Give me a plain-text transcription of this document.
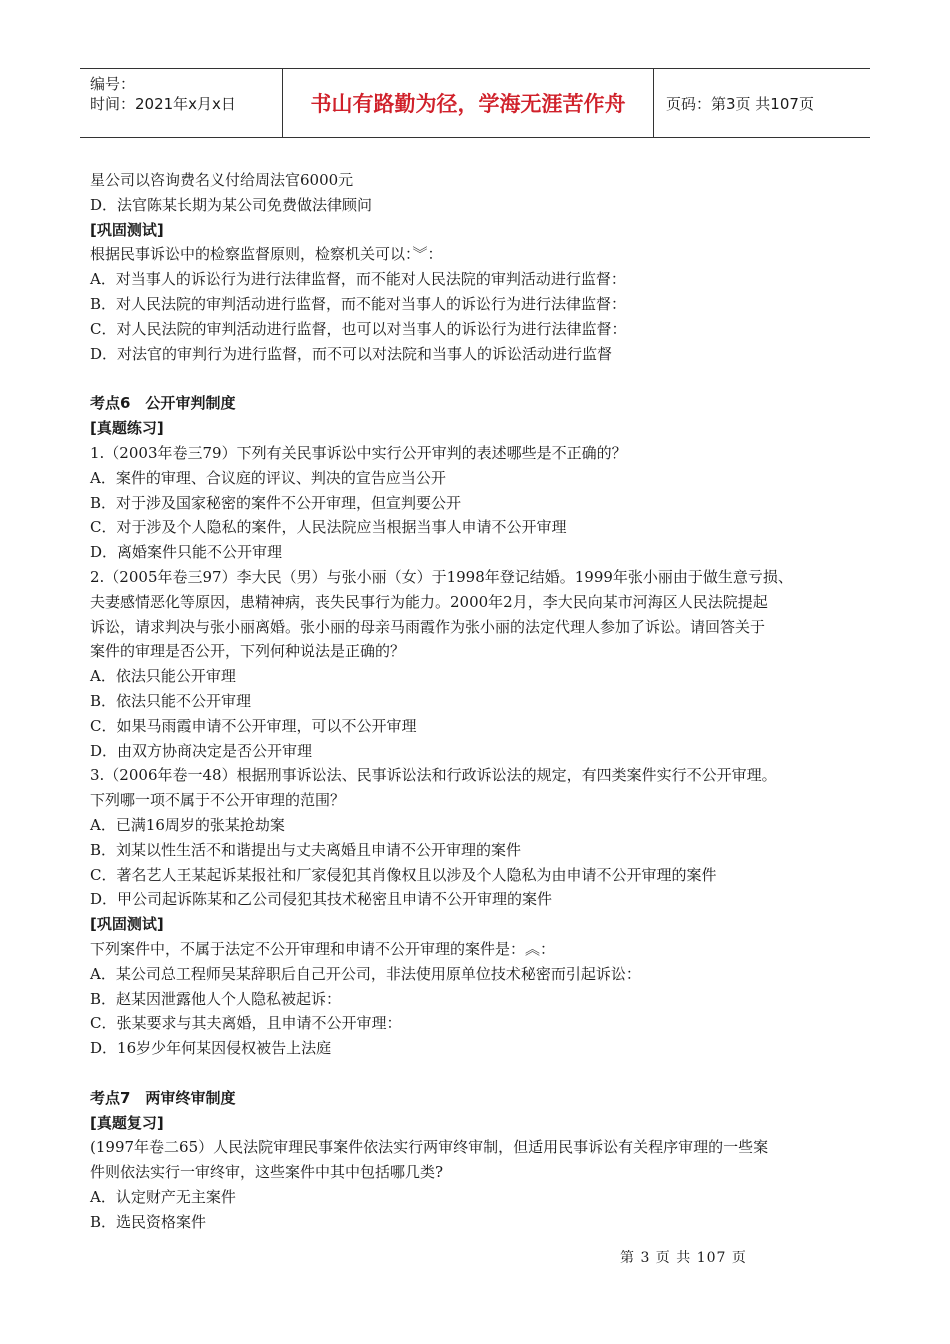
编号：
时间：2021年x月x日	书山有路勤为径，学海无涯苦作舟	页码：第3页 共107页
星公司以咨询费名义付给周法官6000元
D．法官陈某长期为某公司免费做法律顾问
[巩固测试]
根据民事诉讼中的检察监督原则，检察机关可以：︾：
A．对当事人的诉讼行为进行法律监督，而不能对人民法院的审判活动进行监督：
B．对人民法院的审判活动进行监督，而不能对当事人的诉讼行为进行法律监督：
C．对人民法院的审判活动进行监督，也可以对当事人的诉讼行为进行法律监督：
D．对法官的审判行为进行监督，而不可以对法院和当事人的诉讼活动进行监督
考点6　公开审判制度
[真题练习]
1.（2003年卷三79）下列有关民事诉讼中实行公开审判的表述哪些是不正确的？
A．案件的审理、合议庭的评议、判决的宣告应当公开
B．对于涉及国家秘密的案件不公开审理，但宣判要公开
C．对于涉及个人隐私的案件，人民法院应当根据当事人申请不公开审理
D．离婚案件只能不公开审理
2.（2005年卷三97）李大民（男）与张小丽（女）于1998年登记结婚。1999年张小丽由于做生意亏损、
夫妻感情恶化等原因，患精神病，丧失民事行为能力。2000年2月，李大民向某市河海区人民法院提起
诉讼，请求判决与张小丽离婚。张小丽的母亲马雨霞作为张小丽的法定代理人参加了诉讼。请回答关于
案件的审理是否公开，下列何种说法是正确的？
A．依法只能公开审理
B．依法只能不公开审理
C．如果马雨霞申请不公开审理，可以不公开审理
D．由双方协商决定是否公开审理
3.（2006年卷一48）根据刑事诉讼法、民事诉讼法和行政诉讼法的规定，有四类案件实行不公开审理。
下列哪一项不属于不公开审理的范围？
A．已满16周岁的张某抢劫案
B．刘某以性生活不和谐提出与丈夫离婚且申请不公开审理的案件
C．著名艺人王某起诉某报社和厂家侵犯其肖像权且以涉及个人隐私为由申请不公开审理的案件
D．甲公司起诉陈某和乙公司侵犯其技术秘密且申请不公开审理的案件
[巩固测试]
下列案件中，不属于法定不公开审理和申请不公开审理的案件是：︽：
A．某公司总工程师吴某辞职后自己开公司，非法使用原单位技术秘密而引起诉讼：
B．赵某因泄露他人个人隐私被起诉：
C．张某要求与其夫离婚，且申请不公开审理：
D．16岁少年何某因侵权被告上法庭
考点7　两审终审制度
[真题复习]
(1997年卷二65）人民法院审理民事案件依法实行两审终审制，但适用民事诉讼有关程序审理的一些案
件则依法实行一审终审，这些案件中其中包括哪几类?
A．认定财产无主案件
B．选民资格案件
第 3 页 共 107 页
